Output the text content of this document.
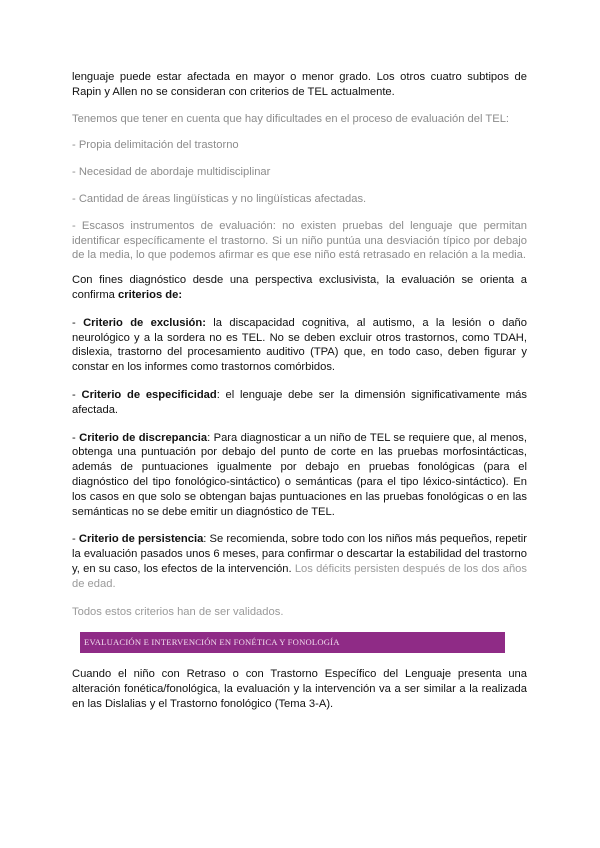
lenguaje puede estar afectada en mayor o menor grado. Los otros cuatro subtipos de Rapin y Allen no se consideran con criterios de TEL actualmente.

Tenemos que tener en cuenta que hay dificultades en el proceso de evaluación del TEL:

- Propia delimitación del trastorno

- Necesidad de abordaje multidisciplinar

- Cantidad de áreas lingüísticas y no lingüísticas afectadas.

- Escasos instrumentos de evaluación: no existen pruebas del lenguaje que permitan identificar específicamente el trastorno. Si un niño puntúa una desviación típico por debajo de la media, lo que podemos afirmar es que ese niño está retrasado en relación a la media.

Con fines diagnóstico desde una perspectiva exclusivista, la evaluación se orienta a confirma criterios de:

- Criterio de exclusión: la discapacidad cognitiva, al autismo, a la lesión o daño neurológico y a la sordera no es TEL. No se deben excluir otros trastornos, como TDAH, dislexia, trastorno del procesamiento auditivo (TPA) que, en todo caso, deben figurar y constar en los informes como trastornos comórbidos.

- Criterio de especificidad: el lenguaje debe ser la dimensión significativamente más afectada.

- Criterio de discrepancia: Para diagnosticar a un niño de TEL se requiere que, al menos, obtenga una puntuación por debajo del punto de corte en las pruebas morfosintácticas, además de puntuaciones igualmente por debajo en pruebas fonológicas (para el diagnóstico del tipo fonológico-sintáctico) o semánticas (para el tipo léxico-sintáctico). En los casos en que solo se obtengan bajas puntuaciones en las pruebas fonológicas o en las semánticas no se debe emitir un diagnóstico de TEL.

- Criterio de persistencia: Se recomienda, sobre todo con los niños más pequeños, repetir la evaluación pasados unos 6 meses, para confirmar o descartar la estabilidad del trastorno y, en su caso, los efectos de la intervención. Los déficits persisten después de los dos años de edad.

Todos estos criterios han de ser validados.

EVALUACIÓN E INTERVENCIÓN EN FONÉTICA Y FONOLOGÍA

Cuando el niño con Retraso o con Trastorno Específico del Lenguaje presenta una alteración fonética/fonológica, la evaluación y la intervención va a ser similar a la realizada en las Dislalias y el Trastorno fonológico (Tema 3-A).
